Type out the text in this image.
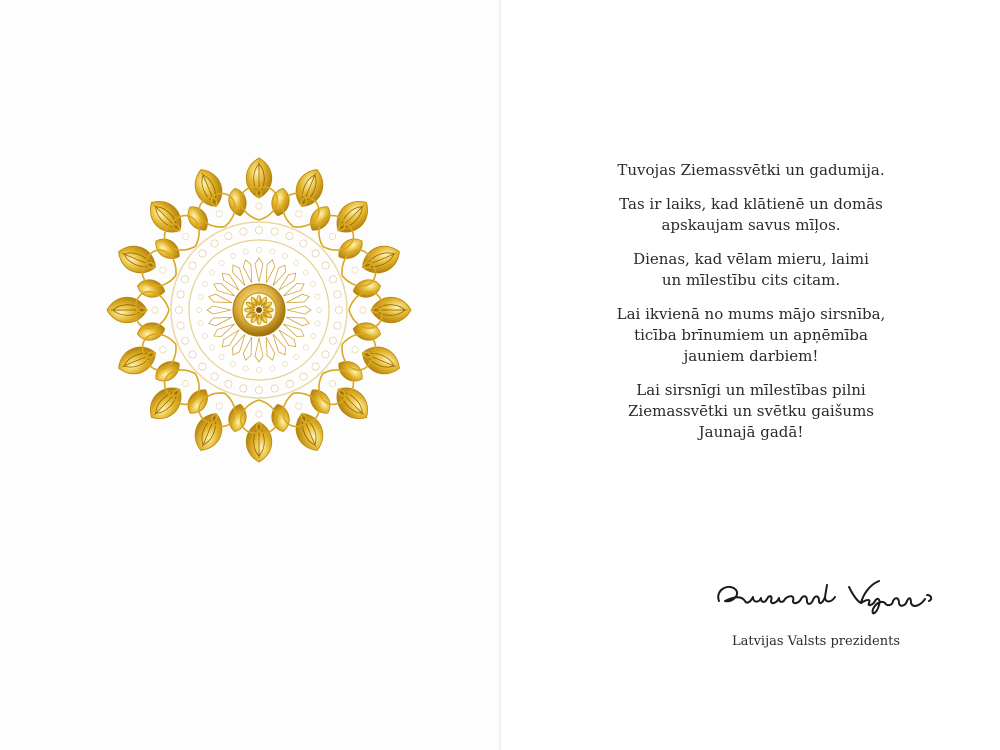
Tuvojas Ziemassvētki un gadumija.

Tas ir laiks, kad klātienē un domās
apskaujam savus mīļos.

Dienas, kad vēlam mieru, laimi
un mīlestību cits citam.

Lai ikvienā no mums mājo sirsnība,
ticība brīnumiem un apņēmība
jauniem darbiem!

Lai sirsnīgi un mīlestības pilni
Ziemassvētki un svētku gaišums
Jaunajā gadā!

Latvijas Valsts prezidents
